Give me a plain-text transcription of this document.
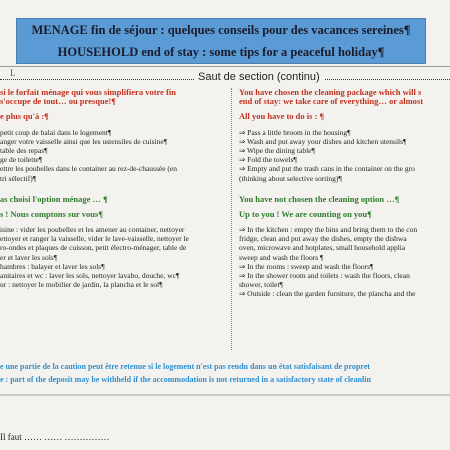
MENAGE fin de séjour : quelques conseils pour des vacances sereines¶
HOUSEHOLD end of stay : some tips for a peaceful holiday¶
L	Saut de section (continu)
si le forfait ménage qui vous simplifiera votre fin
s'occupe de tout… ou presque!¶
e plus qu'à :¶
petit coup de balai dans le logement¶
anger votre vaisselle ainsi que les ustensiles de cuisine¶
table des repas¶
ge de toilette¶
ettre les poubelles dans le container au rez-de-chaussée (en
tri sélectif)¶
as choisi l'option ménage … ¶
s ! Nous comptons sur vous¶
isine : vider les poubelles et les amener au container, nettoyer
ettoyer et ranger la vaisselle, vider le lave-vaisselle, nettoyer le
ro-ondes et plaques de cuisson, petit électro-ménager, table de
er et laver les sols¶
hambres : balayer et laver les sols¶
anitaires et wc : laver les sols, nettoyer lavabo, douche, wc¶
ur : nettoyer le mobilier de jardin, la plancha et le sol¶
You have chosen the cleaning package which will s
end of stay: we take care of everything… or almost
All you have to do is : ¶
⇒ Pass a little broom in the housing¶
⇒ Wash and put away your dishes and kitchen utensils¶
⇒ Wipe the dining table¶
⇒ Fold the towels¶
⇒ Empty and put the trash cans in the container on the gro
(thinking about selective sorting)¶
You have not chosen the cleaning option …¶
Up to you ! We are counting on you¶
⇒ In the kitchen : empty the bins and bring them to the con
fridge, clean and put away the dishes, empty the dishwa
oven, microwave and hotplates, small household applia
sweep and wash the floors ¶
⇒ In the rooms : sweep and wash the floors¶
⇒ In the shower room and toilets : wash the floors, clean
shower, toilet¶
⇒ Outside : clean the garden furniture, the plancha and the
e une partie de la caution peut être retenue si le logement n'est pas rendu dans un état satisfaisant de propret
e : part of the deposit may be withheld if the accommodation is not returned in a satisfactory state of cleanlin
Il faut …… …… ……………
